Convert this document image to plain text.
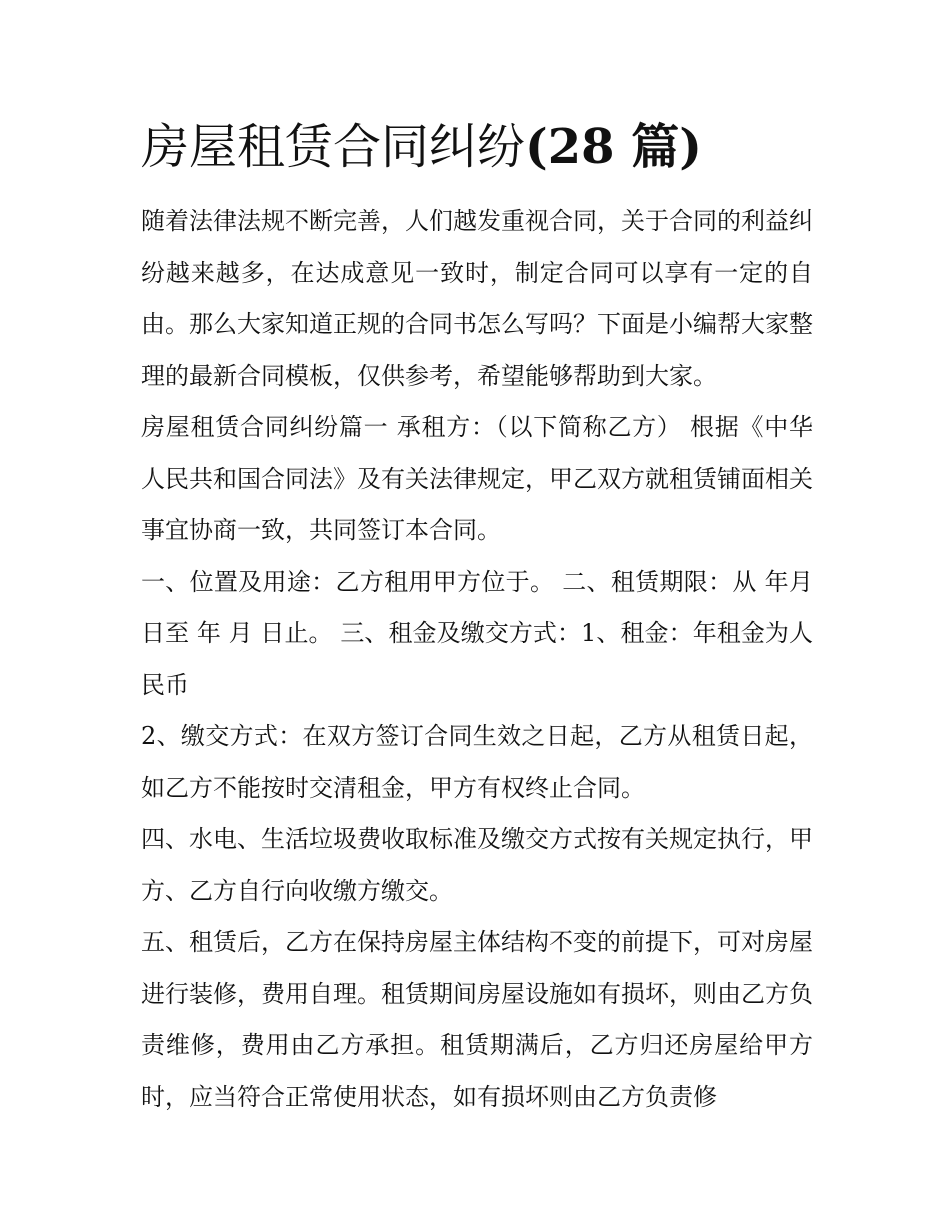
房屋租赁合同纠纷(28 篇)

随着法律法规不断完善，人们越发重视合同，关于合同的利益纠纷越来越多，在达成意见一致时，制定合同可以享有一定的自由。那么大家知道正规的合同书怎么写吗？下面是小编帮大家整理的最新合同模板，仅供参考，希望能够帮助到大家。

房屋租赁合同纠纷篇一 承租方：（以下简称乙方） 根据《中华人民共和国合同法》及有关法律规定，甲乙双方就租赁铺面相关事宜协商一致，共同签订本合同。

一、位置及用途：乙方租用甲方位于。 二、租赁期限：从 年月 日至 年 月 日止。 三、租金及缴交方式：1、租金：年租金为人民币

2、缴交方式：在双方签订合同生效之日起，乙方从租赁日起， 如乙方不能按时交清租金，甲方有权终止合同。

四、水电、生活垃圾费收取标准及缴交方式按有关规定执行，甲方、乙方自行向收缴方缴交。

五、租赁后，乙方在保持房屋主体结构不变的前提下，可对房屋进行装修，费用自理。租赁期间房屋设施如有损坏，则由乙方负责维修，费用由乙方承担。租赁期满后，乙方归还房屋给甲方时，应当符合正常使用状态，如有损坏则由乙方负责修
